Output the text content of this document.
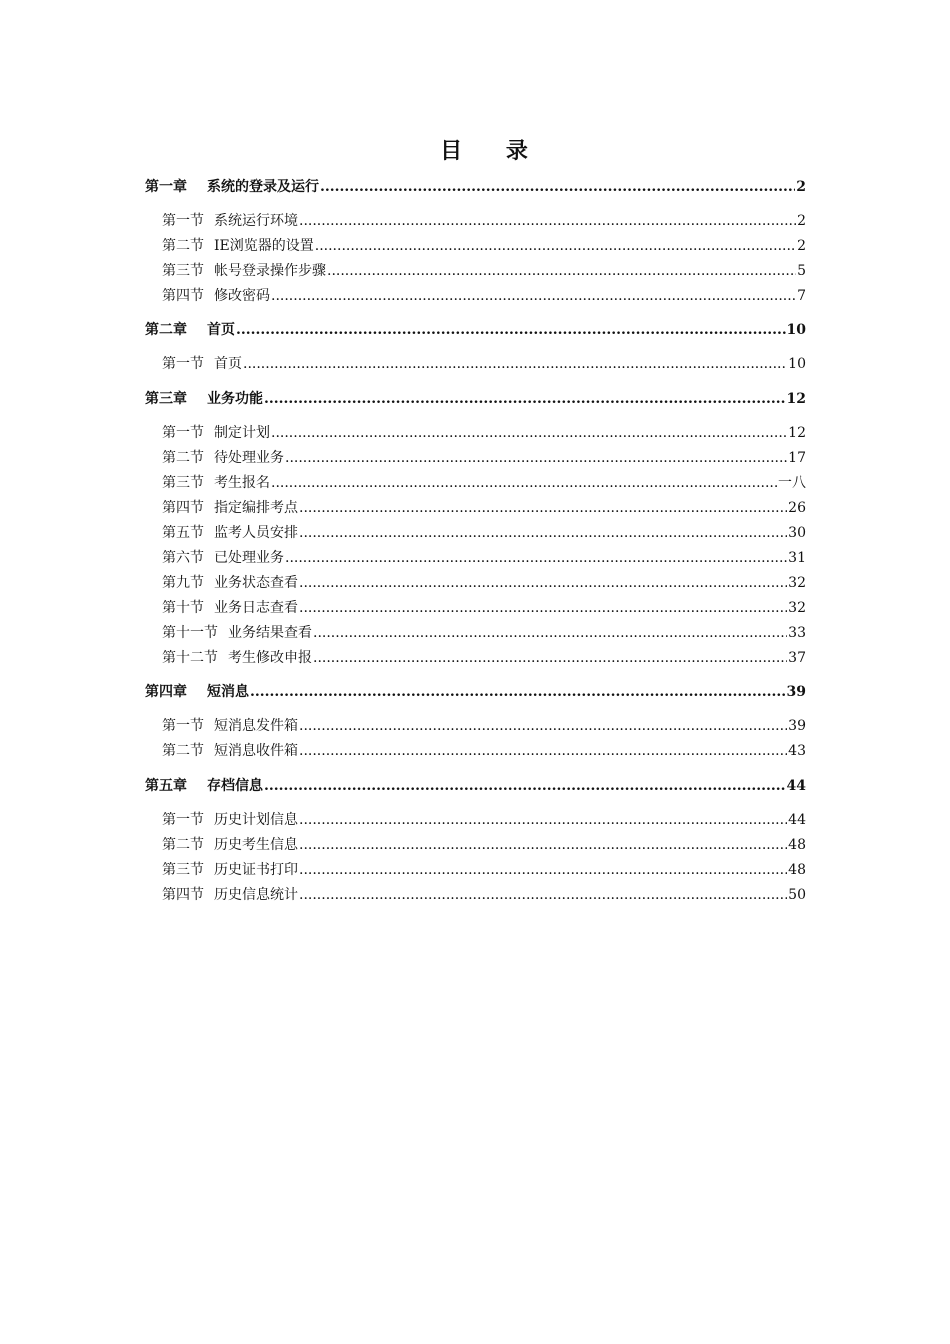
目 录
第一章 系统的登录及运行 .....	2
第一节 系统运行环境 .....	2
第二节 IE浏览器的设置 .....	2
第三节 帐号登录操作步骤 .....	5
第四节 修改密码 .....	7
第二章 首页 .....	10
第一节 首页 .....	10
第三章 业务功能 .....	12
第一节 制定计划 .....	12
第二节 待处理业务 .....	17
第三节 考生报名 .....	一八
第四节 指定编排考点 .....	26
第五节 监考人员安排 .....	30
第六节 已处理业务 .....	31
第九节 业务状态查看 .....	32
第十节 业务日志查看 .....	32
第十一节 业务结果查看 .....	33
第十二节 考生修改申报 .....	37
第四章 短消息 .....	39
第一节 短消息发件箱 .....	39
第二节 短消息收件箱 .....	43
第五章 存档信息 .....	44
第一节 历史计划信息 .....	44
第二节 历史考生信息 .....	48
第三节 历史证书打印 .....	48
第四节 历史信息统计 .....	50
